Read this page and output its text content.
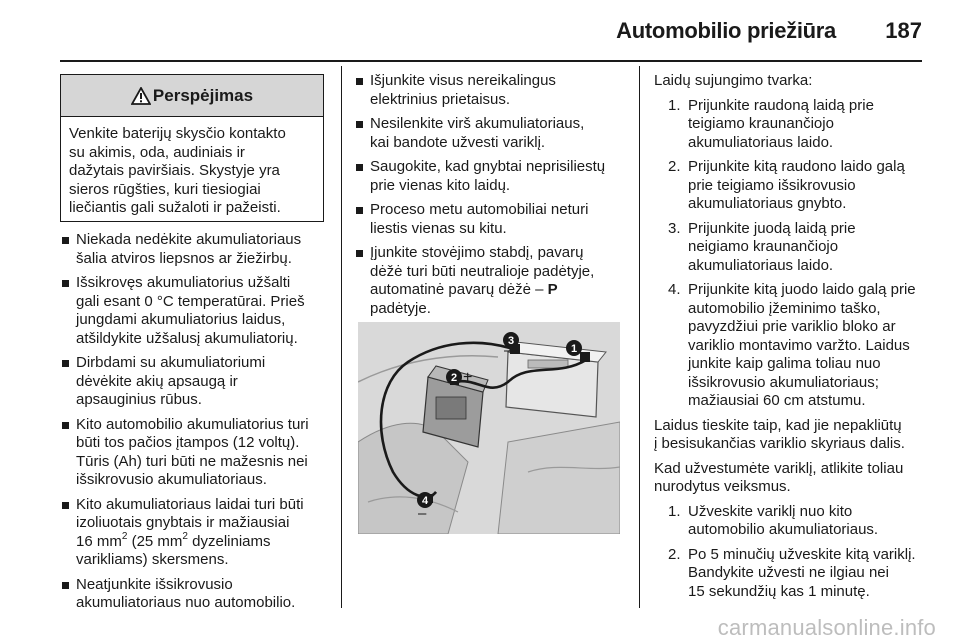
Automobilio priežiūra 187
Perspėjimas
Venkite baterijų skysčio kontakto
su akimis, oda, audiniais ir
dažytais paviršiais. Skystyje yra
sieros rūgšties, kuri tiesiogiai
liečiantis gali sužaloti ir pažeisti.
Niekada nedėkite akumuliatoriaus
šalia atviros liepsnos ar žiežirbų.
Išsikrovęs akumuliatorius užšalti
gali esant 0 °C temperatūrai. Prieš
jungdami akumuliatorius laidus,
atšildykite užšalusį akumuliatorių.
Dirbdami su akumuliatoriumi
dėvėkite akių apsaugą ir
apsauginius rūbus.
Kito automobilio akumuliatorius turi
būti tos pačios įtampos (12 voltų).
Tūris (Ah) turi būti ne mažesnis nei
išsikrovusio akumuliatoriaus.
Kito akumuliatoriaus laidai turi būti
izoliuotais gnybtais ir mažiausiai
16 $mm^2$ (25 $mm^2$ dyzeliniams
varikliams) skersmens.
Neatjunkite išsikrovusio
akumuliatoriaus nuo automobilio.
Išjunkite visus nereikalingus
elektrinius prietaisus.
Nesilenkite virš akumuliatoriaus,
kai bandote užvesti variklį.
Saugokite, kad gnybtai neprisiliestų
prie vienas kito laidų.
Proceso metu automobiliai neturi
liestis vienas su kitu.
Įjunkite stovėjimo stabdį, pavarų
dėžė turi būti neutralioje padėtyje,
automatinė pavarų dėžė – P
padėtyje.
1 +
3
–
2 +
4
–
Laidų sujungimo tvarka:
1. Prijunkite raudoną laidą prie
teigiamo kraunančiojo
akumuliatoriaus laido.
2. Prijunkite kitą raudono laido galą
prie teigiamo išsikrovusio
akumuliatoriaus gnybto.
3. Prijunkite juodą laidą prie
neigiamo kraunančiojo
akumuliatoriaus laido.
4. Prijunkite kitą juodo laido galą prie
automobilio įžeminimo taško,
pavyzdžiui prie variklio bloko ar
variklio montavimo varžto. Laidus
junkite kaip galima toliau nuo
išsikrovusio akumuliatoriaus;
mažiausiai 60 cm atstumu.
Laidus tieskite taip, kad jie nepakliūtų
į besisukančias variklio skyriaus dalis.
Kad užvestumėte variklį, atlikite toliau
nurodytus veiksmus.
1. Užveskite variklį nuo kito
automobilio akumuliatoriaus.
2. Po 5 minučių užveskite kitą variklį.
Bandykite užvesti ne ilgiau nei
15 sekundžių kas 1 minutę.
carmanualsonline.info
